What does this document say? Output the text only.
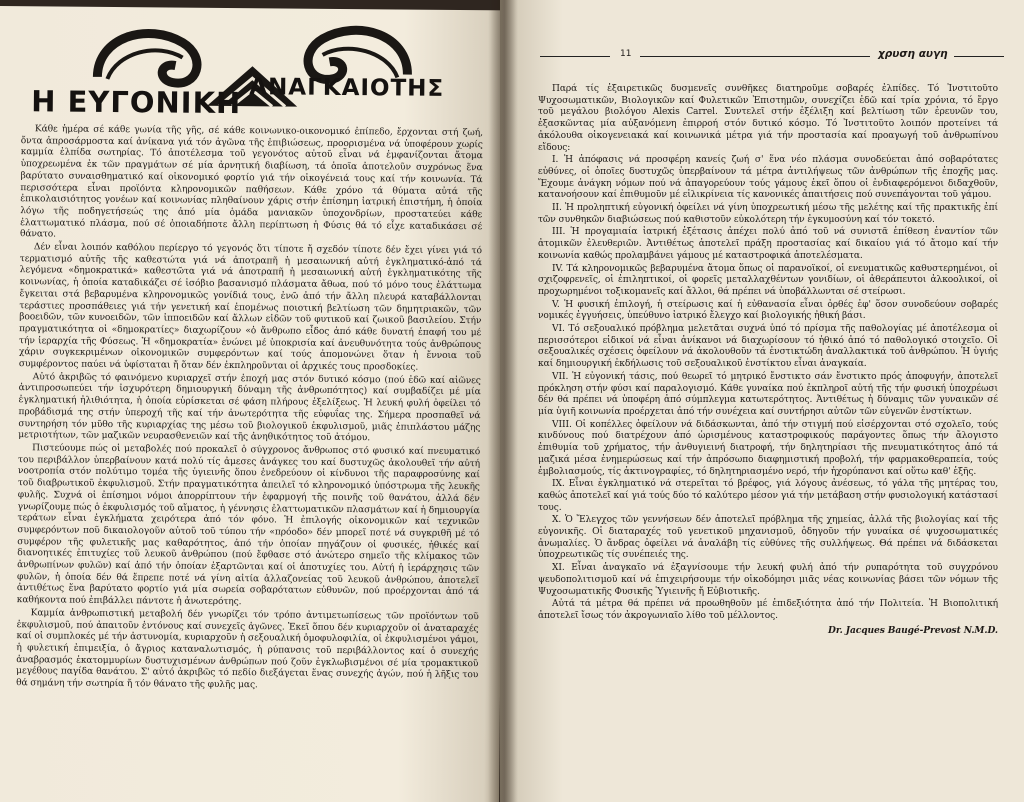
Η ΕΥΓΟΝΙΚΗ ΑΝΑΓΚΑΙΟΤΗΣ

Κάθε ἡμέρα σέ κάθε γωνία τῆς γῆς, σέ κάθε κοινωνικο-οικονομικό ἐπίπεδο, ἔρχονται στή ζωή, ὄντα ἀπροσάρμοστα καί ἀνίκανα γιά τόν ἀγῶνα τῆς ἐπιβιώσεως, προορισμένα νά ὑποφέρουν χωρίς καμμία ἐλπίδα σωτηρίας. Τό ἀποτέλεσμα τοῦ γεγονότος αὐτοῦ εἶναι νά ἐμφανίζονται ἄτομα ὑποχρεωμένα ἐκ τῶν πραγμάτων σέ μία ἀρνητική διαβίωση, τά ὁποῖα ἀποτελοῦν συχρόνως ἕνα βαρύτατο συναισθηματικό καί οἰκονομικό φορτίο γιά τήν οἰκογένειά τους καί τήν κοινωνία. Τά περισσότερα εἶναι προϊόντα κληρονομικῶν παθήσεων. Κάθε χρόνο τά θύματα αὐτά τῆς ἐπικολαισιότητος γονέων καί κοινωνίας πληθαίνουν χάρις στήν ἐπίσημη ἰατρική ἐπιστήμη, ἡ ὁποία λόγω τῆς ποδηγετήσεώς της ἀπό μία ὁμάδα μανιακῶν ὑποχονδρίων, προστατεύει κάθε ἐλαττωματικό πλάσμα, πού σέ ὁποιαδήποτε ἄλλη περίπτωση ἡ Φύσις θά τό εἶχε καταδικάσει σέ θάνατο.

Δέν εἶναι λοιπόν καθόλου περίεργο τό γεγονός ὅτι τίποτε ἤ σχεδόν τίποτε δέν ἔχει γίνει γιά τό τερματισμό αὐτῆς τῆς καθεστώτα γιά νά ἀποτραπῆ ἡ μεσαιωνική αὐτή ἐγκληματικό-ἀπό τά λεγόμενα «δημοκρατικά» καθεστῶτα γιά νά ἀποτραπῆ ἡ μεσαιωνική αὐτή ἐγκληματικότης τῆς κοινωνίας, ἡ ὁποία καταδικάζει σέ ἰσόβιο βασανισμό πλάσματα ἄθωα, πού τό μόνο τους ἐλάττωμα ἔγκειται στά βεβαρυμένα κληρονομικῶς γονίδιά τους, ἐνῶ ἀπό τήν ἄλλη πλευρά καταβάλλονται τεράστιες προσπάθειες γιά τήν γενετική καί ἑπομένως ποιοτική βελτίωση τῶν δημητριακῶν, τῶν βοοειδῶν, τῶν κυνοειδῶν, τῶν ἱπποειδῶν καί ἄλλων εἰδῶν τοῦ φυτικοῦ καί ζωικοῦ βασιλείου. Στήν πραγματικότητα οἱ «δημοκρατίες» διαχωρίζουν «ὁ ἄνθρωπο εἶδος ἀπό κάθε δυνατή ἐπαφή του μέ τήν ἱεραρχία τῆς Φύσεως. Ἡ «δημοκρατία» ἑνώνει μέ ὑποκρισία καί ἀνευθυνότητα τούς ἀνθρώπους χάριν συγκεκριμένων οἰκονομικῶν συμφερόντων καί τούς ἀπομονώνει ὅταν ἡ ἔννοια τοῦ συμφέροντος παύει νά ὑφίσταται ἤ ὅταν δέν ἐκπληροῦνται οἱ ἀρχικές τους προσδοκίες.

Αὐτό ἀκριβῶς τό φαινόμενο κυριαρχεῖ στήν ἐποχή μας στόν δυτικό κόσμο (πού ἐδῶ καί αἰῶνες ἀντιπροσωπεύει τήν ἰσχυρότερη δημιουργική δύναμη τῆς ἀνθρωπότητος) καί συμβαδίζει μέ μία ἐγκληματική ἠλιθιότητα, ἡ ὁποία εὑρίσκεται σέ φάση πλήρους ἐξελίξεως. Ἡ λευκή φυλή ὀφείλει τό προβάδισμά της στήν ὑπεροχή τῆς καί τήν ἀνωτερότητα τῆς εὐφυΐας της. Σήμερα προσπαθεῖ νά συντηρήση τόν μῦθο τῆς κυριαρχίας της μέσω τοῦ βιολογικοῦ ἐκφυλισμοῦ, μιᾶς ἐπιπλάστου μάζης μετριοτήτων, τῶν μαζικῶν νευρασθενειῶν καί τῆς ἀνηθικότητος τοῦ ἀτόμου.

Πιστεύουμε πώς οἱ μεταβολές πού προκαλεῖ ὁ σύγχρονος ἄνθρωπος στό φυσικό καί πνευματικό του περιβάλλον ὑπερβαίνουν κατά πολύ τίς ἀμεσες ἀνάγκες του καί δυστυχῶς ἀκολουθεῖ τήν αὐτή νοοτροπία στόν πολύτιμο τομέα τῆς ὑγιεινῆς ὅπου ἐνεδρεύουν οἱ κίνδυνοι τῆς παραφροσύνης καί τοῦ διαβρωτικοῦ ἐκφυλισμοῦ. Στήν πραγματικότητα ἀπειλεῖ τό κληρονομικό ὑπόστρωμα τῆς λευκῆς φυλῆς. Συχνά οἱ ἐπίσημοι νόμοι ἀπορρίπτουν τήν ἐφαρμογή τῆς ποινῆς τοῦ θανάτου, ἀλλά δέν γνωρίζουμε πώς ὁ ἐκφυλισμός τοῦ αἵματος, ἡ γέννησις ἐλαττωματικῶν πλασμάτων καί ἡ δημιουργία τεράτων εἶναι ἐγκλήματα χειρότερα ἀπό τόν φόνο. Ἡ ἐπιλογής οἰκονομικῶν καί τεχνικῶν συμφερόντων ποῦ δικαιολογοῦν αὐτοῦ τοῦ τύπου τήν «πρόοδο» δέν μπορεῖ ποτέ νά συγκριθῆ μέ τό συμφέρον τῆς φυλετικῆς μας καθαρότητος, ἀπό τήν ὁποίαν πηγάζουν οἱ φυσικές, ἠθικές καί διανοητικές ἐπιτυχίες τοῦ λευκοῦ ἀνθρώπου (πού ἔφθασε στό ἀνώτερο σημεῖο τῆς κλίμακος τῶν ἀνθρωπίνων φυλῶν) καί ἀπό τήν ὁποίαν ἐξαρτῶνται καί οἱ ἀποτυχίες του. Αὐτή ἡ ἱεράρχησις τῶν φυλῶν, ἡ ὁποία δέν θά ἔπρεπε ποτέ νά γίνη αἰτία ἀλλαζονείας τοῦ λευκοῦ ἀνθρώπου, ἀποτελεῖ ἀντιθέτως ἕνα βαρύτατο φορτίο γιά μία σωρεία σοβαρότατων εὐθυνῶν, πού προέρχονται ἀπό τά καθήκοντα πού ἐπιβάλλει πάντοτε ἡ ἀνωτερότης.

Καμμία ἀνθρωπιστική μεταβολή δέν γνωρίζει τόν τρόπο ἀντιμετωπίσεως τῶν προϊόντων τοῦ ἐκφυλισμοῦ, πού ἀπαιτοῦν ἐντόνους καί συνεχεῖς ἀγῶνες. Ἐκεῖ ὅπου δέν κυριαρχοῦν οἱ ἀναταραχές καί οἱ συμπλοκές μέ τήν ἀστυνομία, κυριαρχοῦν ἡ σεξουαλική ὁμοφυλοφιλία, οἱ ἐκφυλισμένοι γάμοι, ἡ φυλετική ἐπιμειξία, ὁ ἄγριος καταναλωτισμός, ἡ ρύπανσις τοῦ περιβάλλοντος καί ὁ συνεχής ἀναβρασμός ἑκατομμυρίων δυστυχισμένων ἀνθρώπων πού ζοῦν ἐγκλωβισμένοι σέ μία τρομακτικοῦ μεγέθους παγίδα θανάτου. Σ' αὐτό ἀκριβῶς τό πεδίο διεξάγεται ἕνας συνεχής ἀγών, πού ἡ λῆξις του θά σημάνη τήν σωτηρία ἤ τόν θάνατο τῆς φυλῆς μας.

11	χρυση αυγη

Παρά τίς ἐξαιρετικῶς δυσμενεῖς συνθῆκες διατηροῦμε σοβαρές ἐλπίδες. Τό Ἰνστιτοῦτο Ψυχοσωματικῶν, Βιολογικῶν καί Φυλετικῶν Ἐπιστημῶν, συνεχίζει ἐδῶ καί τρία χρόνια, τό ἔργο τοῦ μεγάλου βιολόγου Alexis Carrel. Συντελεῖ στήν ἐξέλιξη καί βελτίωση τῶν ἐρευνῶν του, ἐξασκῶντας μία αὐξανόμενη ἐπιρροή στόν δυτικό κόσμο. Τό Ἰνστιτοῦτο λοιπόν προτείνει τά ἀκόλουθα οἰκογενειακά καί κοινωνικά μέτρα γιά τήν προστασία καί προαγωγή τοῦ ἀνθρωπίνου εἴδους:

I. Ἡ ἀπόφασις νά προσφέρη κανείς ζωή σ' ἕνα νέο πλάσμα συνοδεύεται ἀπό σοβαρότατες εὐθύνες, οἱ ὁποῖες δυστυχῶς ὑπερβαίνουν τά μέτρα ἀντιλήψεως τῶν ἀνθρώπων τῆς ἐποχῆς μας. Ἔχουμε ἀνάγκη νόμων πού νά ἀπαγορεύουν τούς γάμους ἐκεῖ ὅπου οἱ ἐνδιαφερόμενοι διδαχθοῦν, κατανοήσουν καί ἐπιθυμοῦν μέ εἰλικρίνεια τίς κανονικές ἀπαιτήσεις πού συνεπάγονται τοῦ γάμου.

II. Ἡ προληπτική εὐγονική ὀφείλει νά γίνη ὑποχρεωτική μέσω τῆς μελέτης καί τῆς πρακτικῆς ἐπί τῶν συνθηκῶν διαβιώσεως πού καθιστοῦν εὐκολότερη τήν ἐγκυμοσύνη καί τόν τοκετό.

III. Ἡ προγαμιαία ἰατρική ἐξέτασις ἀπέχει πολύ ἀπό τοῦ νά συνιστᾶ ἐπίθεση ἐναντίον τῶν ἀτομικῶν ἐλευθεριῶν. Ἀντιθέτως ἀποτελεῖ πράξη προστασίας καί δικαίου γιά τό ἄτομο καί τήν κοινωνία καθώς προλαμβάνει γάμους μέ καταστροφικά ἀποτελέσματα.

IV. Τά κληρονομικῶς βεβαρυμένα ἄτομα ὅπως οἱ παρανοϊκοί, οἱ ενευματικῶς καθυστερημένοι, οἱ σχιζοφρενεῖς, οἱ ἐπιληπτικοί, οἱ φορεῖς μεταλλαχθέντων γονιδίων, οἱ ἀθεράπευτοι ἀλκοολικοί, οἱ προχωρημένοι τοξικομανεῖς καί ἄλλοι, θά πρέπει νά ὑποβάλλωνται σέ στείρωσι.

V. Ἡ φυσική ἐπιλογή, ἡ στείρωσις καί ἡ εὐθανασία εἶναι ὀρθές ἐφ' ὅσον συνοδεύουν σοβαρές νομικές ἐγγυήσεις, ὑπεύθυνο ἰατρικό ἔλεγχο καί βιολογικής ἠθική βάσι.

VI. Τό σεξουαλικό πρόβλημα μελετᾶται συχνά ὑπό τό πρίσμα τῆς παθολογίας μέ ἀποτέλεσμα οἱ περισσότεροι εἰδικοί νά εἶναι ἀνίκανοι νά διαχωρίσουν τό ἠθικό ἀπό τό παθολογικό στοιχεῖο. Οἱ σεξουαλικές σχέσεις ὀφείλουν νά ἀκολουθοῦν τά ἐνστικτώδη ἀναλλακτικά τοῦ ἀνθρώπου. Ἡ ὑγιής καί δημιουργική ἐκδήλωσις τοῦ σεξουαλικοῦ ἐνστίκτου εἶναι ἀναγκαία.

VII. Ἡ εὐγονική τάσις, πού θεωρεῖ τό μητρικό ἔνστικτο σάν ἔνστικτο πρός ἀποφυγήν, ἀποτελεῖ πρόκληση στήν φύσι καί παραλογισμό. Κάθε γυναίκα πού ἐκπληροῖ αὐτή τῆς τήν φυσική ὑποχρέωσι δέν θά πρέπει νά ὑποφέρη ἀπό σύμπλεγμα κατωτερότητος. Ἀντιθέτως ἡ δύναμις τῶν γυναικῶν σέ μία ὑγιῆ κοινωνία προέρχεται ἀπό τήν συνέχεια καί συντήρησι αὐτῶν τῶν εὐγενῶν ἐνστίκτων.

VIII. Οἱ κοπέλλες ὀφείλουν νά διδάσκωνται, ἀπό τήν στιγμή πού εἰσέρχονται στό σχολεῖο, τούς κινδύνους πού διατρέχουν ἀπό ὡρισμένους καταστροφικούς παράγοντες ὅπως τήν ἄλογιστο ἐπιθυμία τοῦ χρήματος, τήν ἀνθυγιεινή διατροφή, τήν δηλητηρίασι τῆς πνευματικότητος ἀπό τά μαζικά μέσα ἐνημερώσεως καί τήν ἀπρόσωπο διαφημιστική προβολή, τήν φαρμακοθεραπεία, τούς ἐμβολιασμούς, τίς ἀκτινογραφίες, τό δηλητηριασμένο νερό, τήν ἠχορύπανσι καί οὕτω καθ' ἑξῆς.

IX. Εἶναι ἐγκληματικό νά στερεῖται τό βρέφος, γιά λόγους ἀνέσεως, τό γάλα τῆς μητέρας του, καθώς ἀποτελεῖ καί γιά τούς δύο τό καλύτερο μέσον γιά τήν μετάβαση στήν φυσιολογική κατάστασί τους.

X. Ὁ Ἔλεγχος τῶν γεννήσεων δέν ἀποτελεῖ πρόβλημα τῆς χημείας, ἀλλά τῆς βιολογίας καί τῆς εὐγονικῆς. Οἱ διαταραχές τοῦ γενετικοῦ μηχανισμοῦ, ὁδηγοῦν τήν γυναίκα σέ ψυχοσωματικές ἀνωμαλίες. Ὁ ἄνδρας ὀφείλει νά ἀναλάβη τίς εὐθύνες τῆς συλλήψεως. Θά πρέπει νά διδάσκεται ὑποχρεωτικῶς τίς συνέπειές της.

XI. Εἶναι ἀναγκαῖο νά ἐξαγνίσουμε τήν λευκή φυλή ἀπό τήν ρυπαρότητα τοῦ συγχρόνου ψευδοπολιτισμοῦ καί νά ἐπιχειρήσουμε τήν οἰκοδόμησι μιᾶς νέας κοινωνίας βάσει τῶν νόμων τῆς Ψυχοσωματικῆς Φυσικῆς Ὑγιεινῆς ἤ Εὐβιοτικῆς.

Αὐτά τά μέτρα θά πρέπει νά προωθηθοῦν μέ ἐπιδεξιότητα ἀπό τήν Πολιτεία. Ἡ Βιοπολιτική ἀποτελεῖ ἴσως τόν ἀκρογωνιαῖο λίθο τοῦ μέλλοντος.

Dr. Jacques Baugé-Prevost N.M.D.
